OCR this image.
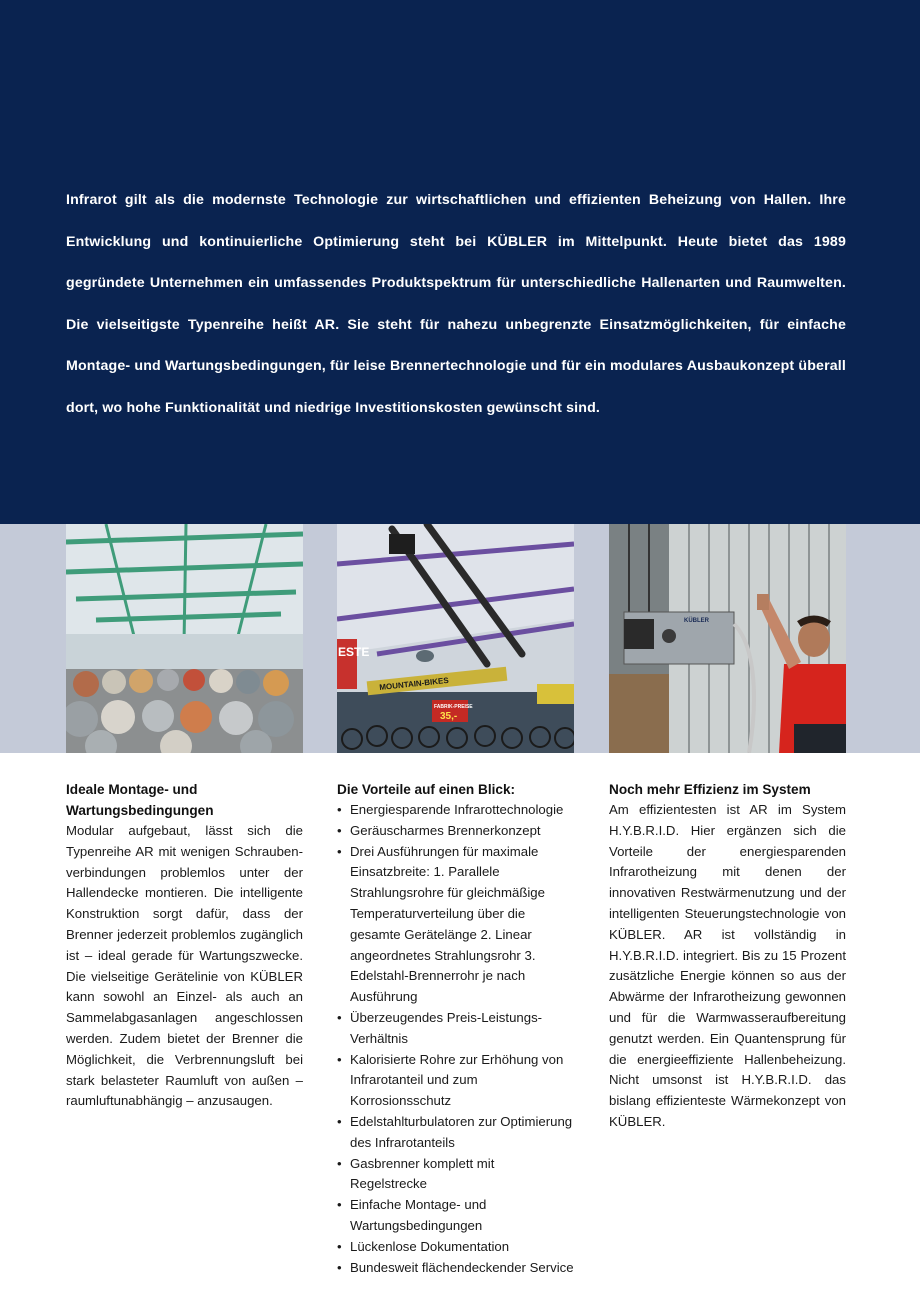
Infrarot gilt als die modernste Technologie zur wirtschaftlichen und effizienten Beheizung von Hallen. Ihre Entwicklung und kontinuierliche Optimierung steht bei KÜBLER im Mittelpunkt. Heute bietet das 1989 gegründete Unternehmen ein umfassendes Produktspektrum für unterschiedliche Hallenarten und Raumwelten. Die vielseitigste Typenreihe heißt AR. Sie steht für nahezu unbegrenzte Einsatzmöglichkeiten, für einfache Montage- und Wartungsbedingungen, für leise Brennertechnologie und für ein modulares Ausbaukonzept überall dort, wo hohe Funktionalität und niedrige Investitionskosten gewünscht sind.

ESTE
MOUNTAIN-BIKES
FABRIK-PREISE
35,-
KÜBLER
Ideale Montage- und
Wartungsbedingungen

Modular aufgebaut, lässt sich die Typenreihe AR mit wenigen Schrauben-verbindungen problemlos unter der Hallendecke montieren. Die intelligente Konstruktion sorgt dafür, dass der Brenner jederzeit problemlos zugänglich ist – ideal gerade für Wartungszwecke. Die vielseitige Gerätelinie von KÜBLER kann sowohl an Einzel- als auch an Sammelabgasanlagen angeschlossen werden. Zudem bietet der Brenner die Möglichkeit, die Verbrennungsluft bei stark belasteter Raumluft von außen – raumluftunabhängig – anzusaugen.

Die Vorteile auf einen Blick:
• Energiesparende Infrarottechnologie
• Geräuscharmes Brennerkonzept
• Drei Ausführungen für maximale Einsatzbreite: 1. Parallele Strahlungsrohre für gleichmäßige Temperaturverteilung über die gesamte Gerätelänge 2. Linear angeordnetes Strahlungsrohr 3. Edelstahl-Brennerrohr je nach Ausführung
• Überzeugendes Preis-Leistungs-Verhältnis
• Kalorisierte Rohre zur Erhöhung von Infrarotanteil und zum Korrosionsschutz
• Edelstahlturbulatoren zur Optimierung des Infrarotanteils
• Gasbrenner komplett mit Regelstrecke
• Einfache Montage- und Wartungsbedingungen
• Lückenlose Dokumentation
• Bundesweit flächendeckender Service
Noch mehr Effizienz im System

Am effizientesten ist AR im System H.Y.B.R.I.D. Hier ergänzen sich die Vorteile der energiesparenden Infrarotheizung mit denen der innovativen Restwärmenutzung und der intelligenten Steuerungstechnologie von KÜBLER. AR ist vollständig in H.Y.B.R.I.D. integriert. Bis zu 15 Prozent zusätzliche Energie können so aus der Abwärme der Infrarotheizung gewonnen und für die Warmwasseraufbereitung genutzt werden. Ein Quantensprung für die energieeffiziente Hallenbeheizung. Nicht umsonst ist H.Y.B.R.I.D. das bislang effizienteste Wärmekonzept von KÜBLER.
